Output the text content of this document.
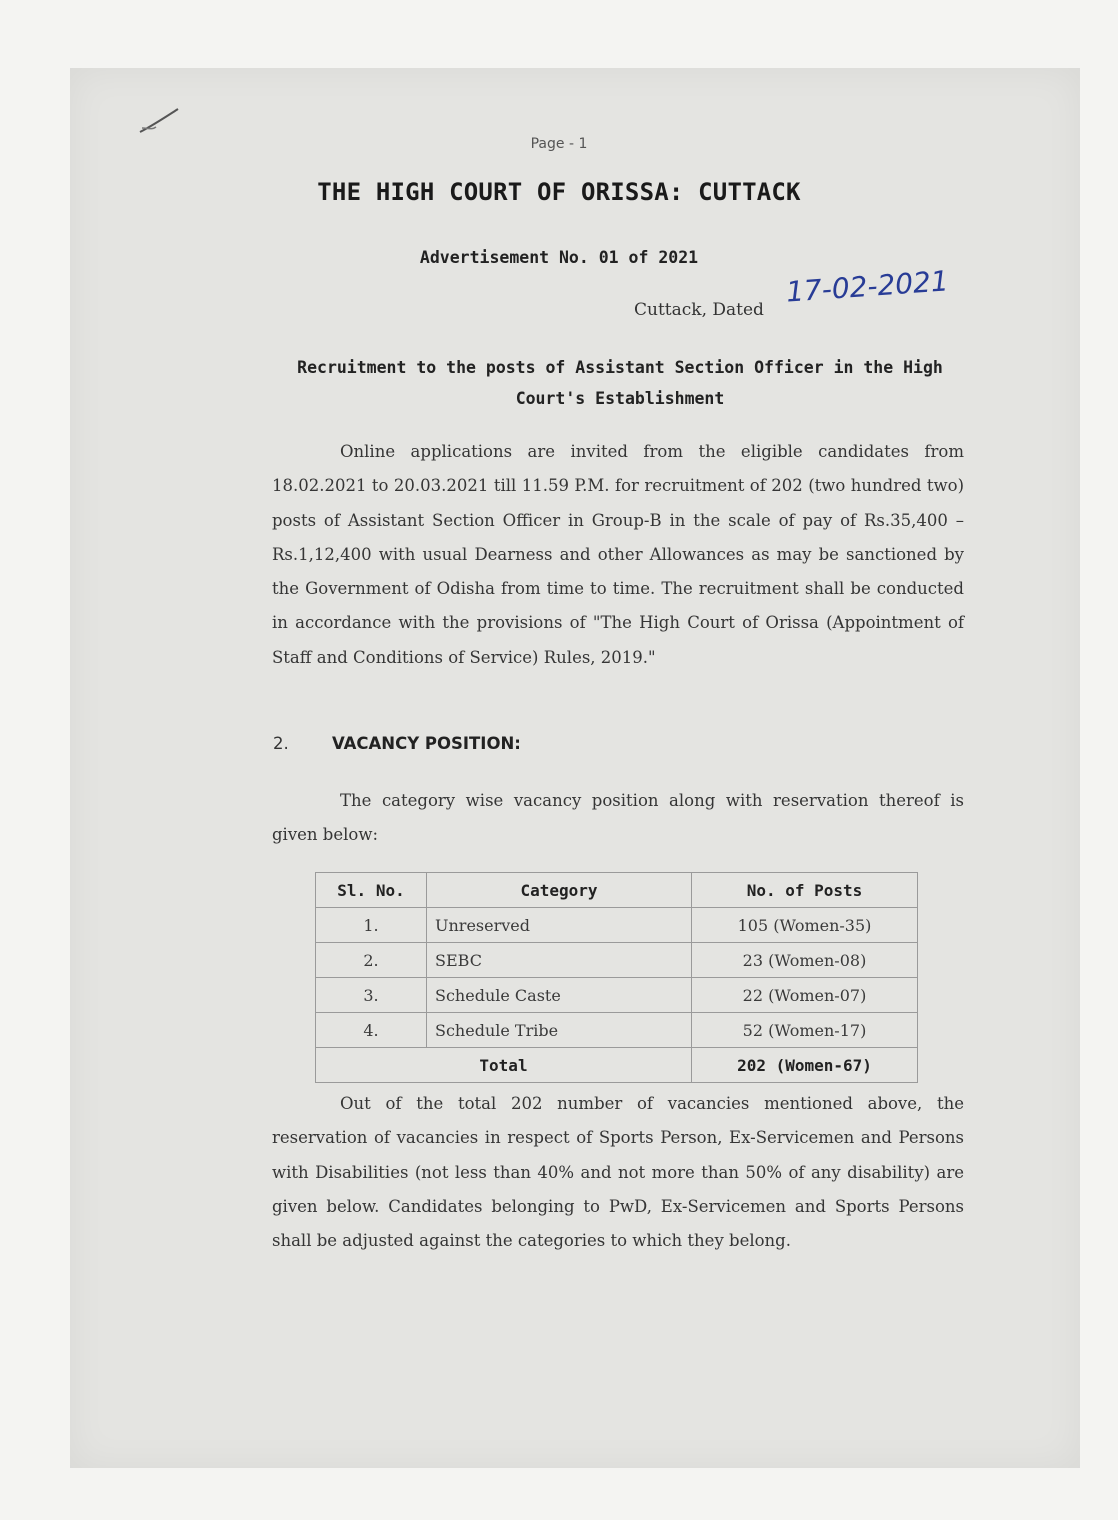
Page - 1
THE HIGH COURT OF ORISSA: CUTTACK
Advertisement No. 01 of 2021
Cuttack, Dated
17-02-2021
Recruitment to the posts of Assistant Section Officer in the High Court's Establishment

Online applications are invited from the eligible candidates from 18.02.2021 to 20.03.2021 till 11.59 P.M. for recruitment of 202 (two hundred two) posts of Assistant Section Officer in Group-B in the scale of pay of Rs.35,400 – Rs.1,12,400 with usual Dearness and other Allowances as may be sanctioned by the Government of Odisha from time to time. The recruitment shall be conducted in accordance with the provisions of "The High Court of Orissa (Appointment of Staff and Conditions of Service) Rules, 2019."

2.	VACANCY POSITION:

The category wise vacancy position along with reservation thereof is given below:

Sl. No.	Category	No. of Posts
1.	Unreserved	105 (Women-35)
2.	SEBC	23 (Women-08)
3.	Schedule Caste	22 (Women-07)
4.	Schedule Tribe	52 (Women-17)
Total		202 (Women-67)

Out of the total 202 number of vacancies mentioned above, the reservation of vacancies in respect of Sports Person, Ex-Servicemen and Persons with Disabilities (not less than 40% and not more than 50% of any disability) are given below. Candidates belonging to PwD, Ex-Servicemen and Sports Persons shall be adjusted against the categories to which they belong.
